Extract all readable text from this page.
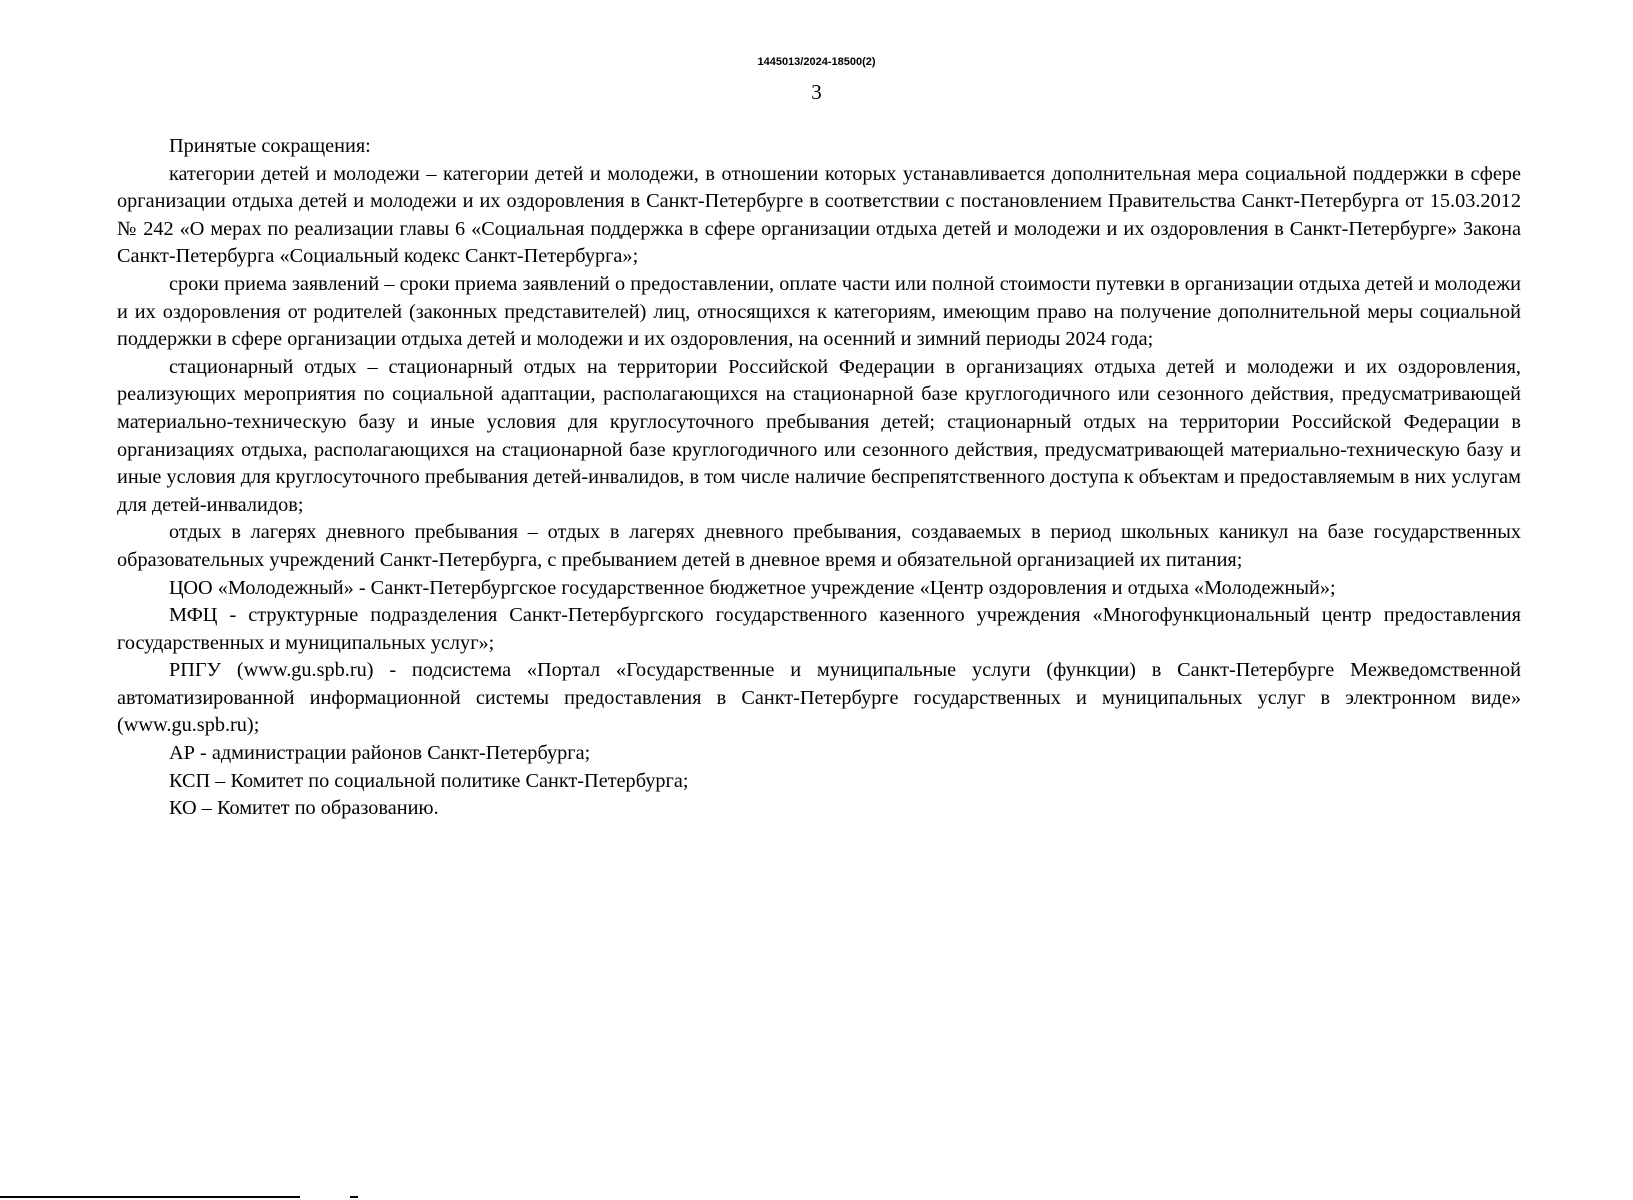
1445013/2024-18500(2)
3

Принятые сокращения:

категории детей и молодежи – категории детей и молодежи, в отношении которых устанавливается дополнительная мера социальной поддержки в сфере организации отдыха детей и молодежи и их оздоровления в Санкт-Петербурге в соответствии с постановлением Правительства Санкт-Петербурга от 15.03.2012 № 242 «О мерах по реализации главы 6 «Социальная поддержка в сфере организации отдыха детей и молодежи и их оздоровления в Санкт-Петербурге» Закона Санкт-Петербурга «Социальный кодекс Санкт-Петербурга»;

сроки приема заявлений – сроки приема заявлений о предоставлении, оплате части или полной стоимости путевки в организации отдыха детей и молодежи и их оздоровления от родителей (законных представителей) лиц, относящихся к категориям, имеющим право на получение дополнительной меры социальной поддержки в сфере организации отдыха детей и молодежи и их оздоровления, на осенний и зимний периоды 2024 года;

стационарный отдых – стационарный отдых на территории Российской Федерации в организациях отдыха детей и молодежи и их оздоровления, реализующих мероприятия по социальной адаптации, располагающихся на стационарной базе круглогодичного или сезонного действия, предусматривающей материально-техническую базу и иные условия для круглосуточного пребывания детей; стационарный отдых на территории Российской Федерации в организациях отдыха, располагающихся на стационарной базе круглогодичного или сезонного действия, предусматривающей материально-техническую базу и иные условия для круглосуточного пребывания детей-инвалидов, в том числе наличие беспрепятственного доступа к объектам и предоставляемым в них услугам для детей-инвалидов;

отдых в лагерях дневного пребывания – отдых в лагерях дневного пребывания, создаваемых в период школьных каникул на базе государственных образовательных учреждений Санкт-Петербурга, с пребыванием детей в дневное время и обязательной организацией их питания;

ЦОО «Молодежный» - Санкт-Петербургское государственное бюджетное учреждение «Центр оздоровления и отдыха «Молодежный»;

МФЦ - структурные подразделения Санкт-Петербургского государственного казенного учреждения «Многофункциональный центр предоставления государственных и муниципальных услуг»;

РПГУ (www.gu.spb.ru) - подсистема «Портал «Государственные и муниципальные услуги (функции) в Санкт-Петербурге Межведомственной автоматизированной информационной системы предоставления в Санкт-Петербурге государственных и муниципальных услуг в электронном виде» (www.gu.spb.ru);

АР - администрации районов Санкт-Петербурга;

КСП – Комитет по социальной политике Санкт-Петербурга;

КО – Комитет по образованию.
